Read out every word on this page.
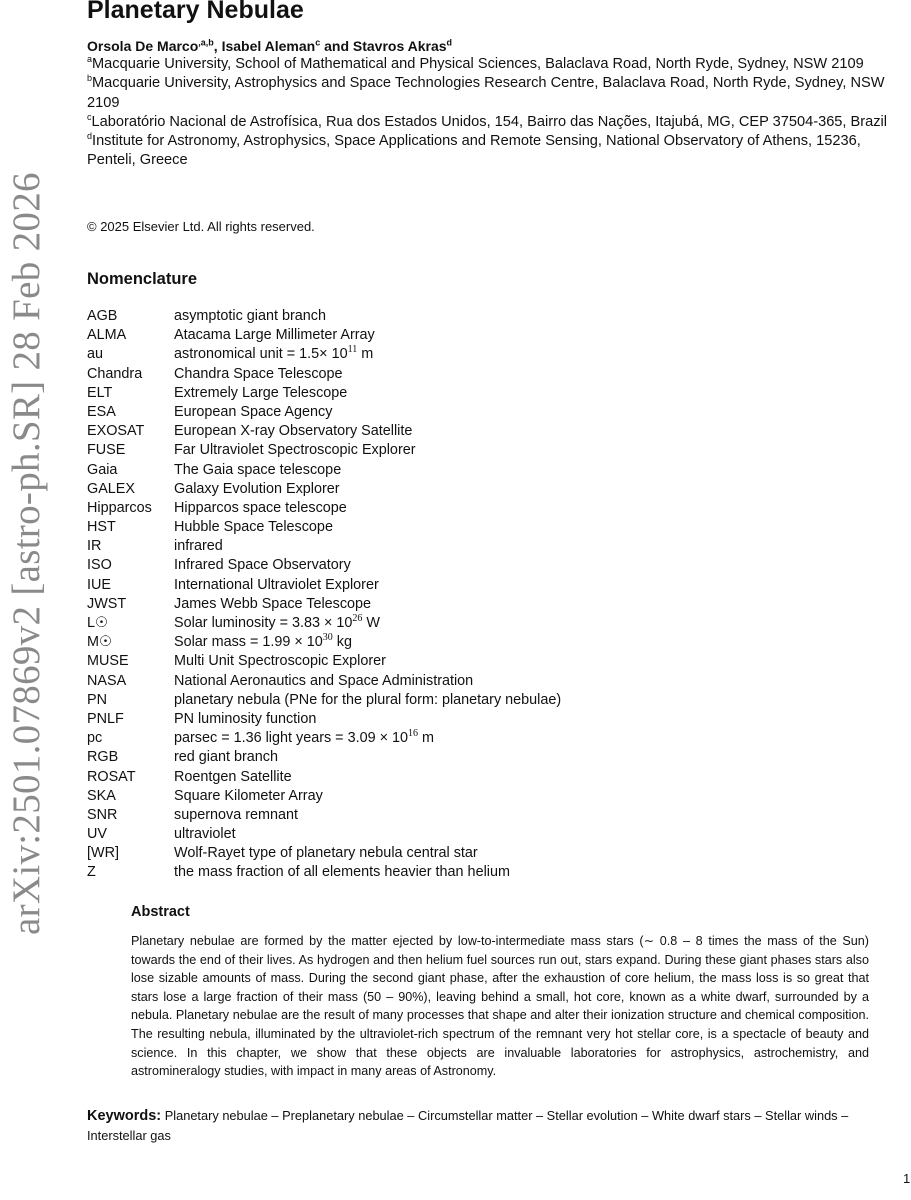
arXiv:2501.07869v2 [astro-ph.SR] 28 Feb 2026
Planetary Nebulae
Orsola De Marco$^{,a,b}$, Isabel Aleman$^c$ and Stavros Akras$^d$
$^a$Macquarie University, School of Mathematical and Physical Sciences, Balaclava Road, North Ryde, Sydney, NSW 2109
$^b$Macquarie University, Astrophysics and Space Technologies Research Centre, Balaclava Road, North Ryde, Sydney, NSW 2109
$^c$Laboratório Nacional de Astrofísica, Rua dos Estados Unidos, 154, Bairro das Nações, Itajubá, MG, CEP 37504-365, Brazil
$^d$Institute for Astronomy, Astrophysics, Space Applications and Remote Sensing, National Observatory of Athens, 15236, Penteli, Greece
© 2025 Elsevier Ltd. All rights reserved.
Nomenclature
AGB	asymptotic giant branch
ALMA	Atacama Large Millimeter Array
au	astronomical unit = $1.5\times 10^{11}$ m
Chandra	Chandra Space Telescope
ELT	Extremely Large Telescope
ESA	European Space Agency
EXOSAT	European X-ray Observatory Satellite
FUSE	Far Ultraviolet Spectroscopic Explorer
Gaia	The Gaia space telescope
GALEX	Galaxy Evolution Explorer
Hipparcos	Hipparcos space telescope
HST	Hubble Space Telescope
IR	infrared
ISO	Infrared Space Observatory
IUE	International Ultraviolet Explorer
JWST	James Webb Space Telescope
L☉	Solar luminosity = $3.83 \times 10^{26}$ W
M☉	Solar mass = $1.99 \times 10^{30}$ kg
MUSE	Multi Unit Spectroscopic Explorer
NASA	National Aeronautics and Space Administration
PN	planetary nebula (PNe for the plural form: planetary nebulae)
PNLF	PN luminosity function
pc	parsec = 1.36 light years = $3.09 \times 10^{16}$ m
RGB	red giant branch
ROSAT	Roentgen Satellite
SKA	Square Kilometer Array
SNR	supernova remnant
UV	ultraviolet
[WR]	Wolf-Rayet type of planetary nebula central star
Z	the mass fraction of all elements heavier than helium
Abstract
Planetary nebulae are formed by the matter ejected by low-to-intermediate mass stars (∼ 0.8 – 8 times the mass of the Sun) towards the end of their lives. As hydrogen and then helium fuel sources run out, stars expand. During these giant phases stars also lose sizable amounts of mass. During the second giant phase, after the exhaustion of core helium, the mass loss is so great that stars lose a large fraction of their mass (50 – 90%), leaving behind a small, hot core, known as a white dwarf, surrounded by a nebula. Planetary nebulae are the result of many processes that shape and alter their ionization structure and chemical composition. The resulting nebula, illuminated by the ultraviolet-rich spectrum of the remnant very hot stellar core, is a spectacle of beauty and science. In this chapter, we show that these objects are invaluable laboratories for astrophysics, astrochemistry, and astromineralogy studies, with impact in many areas of Astronomy.
Keywords: Planetary nebulae – Preplanetary nebulae – Circumstellar matter – Stellar evolution – White dwarf stars – Stellar winds – Interstellar gas
1
